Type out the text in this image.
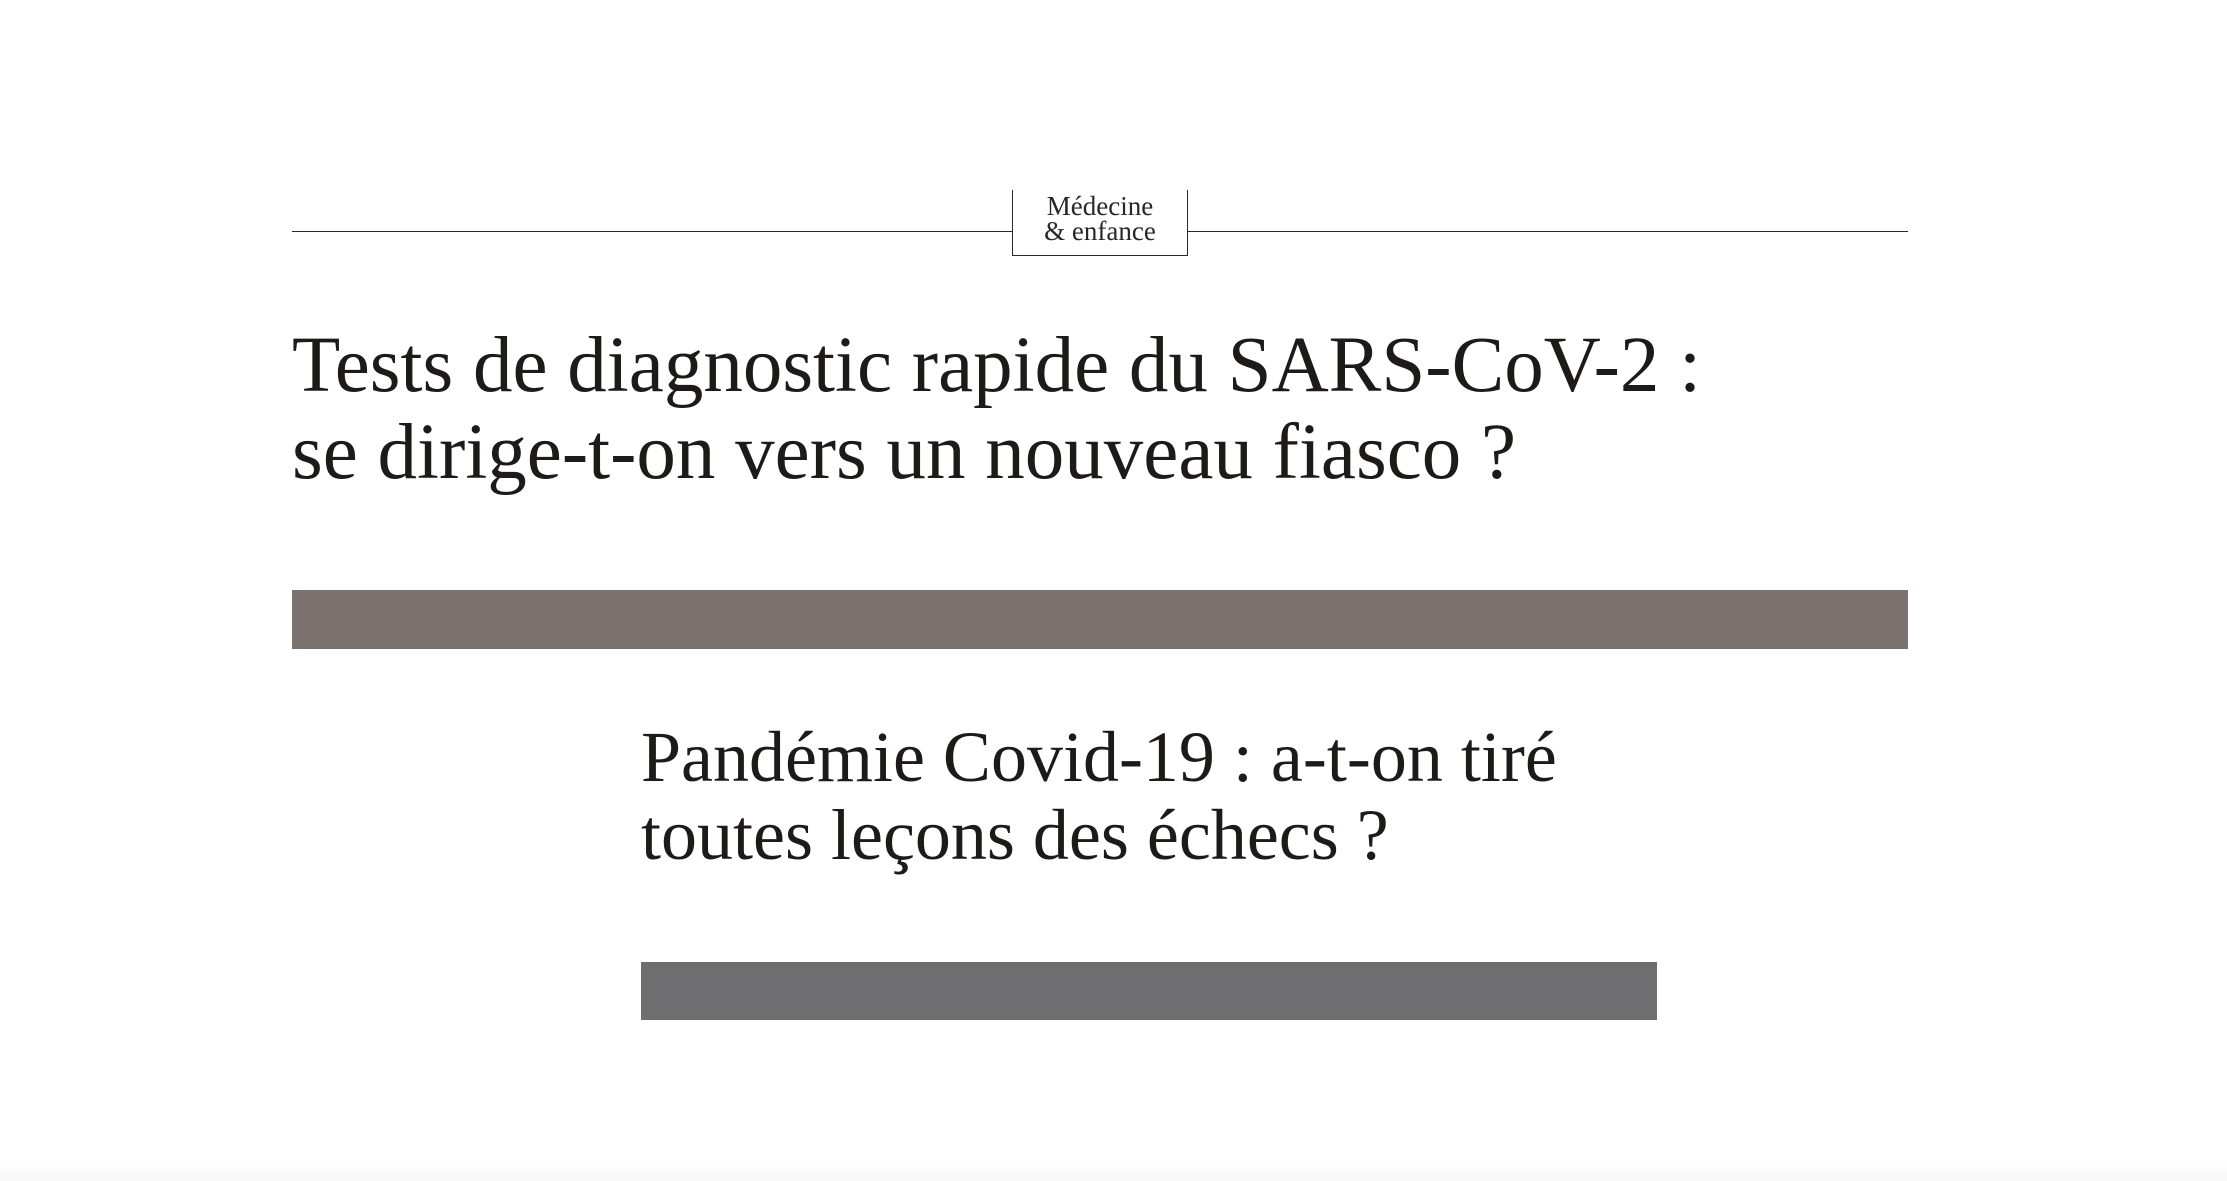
Médecine
& enfance
Tests de diagnostic rapide du SARS-CoV-2 :
se dirige-t-on vers un nouveau fiasco ?
Pandémie Covid-19 : a-t-on tiré
toutes leçons des échecs ?
